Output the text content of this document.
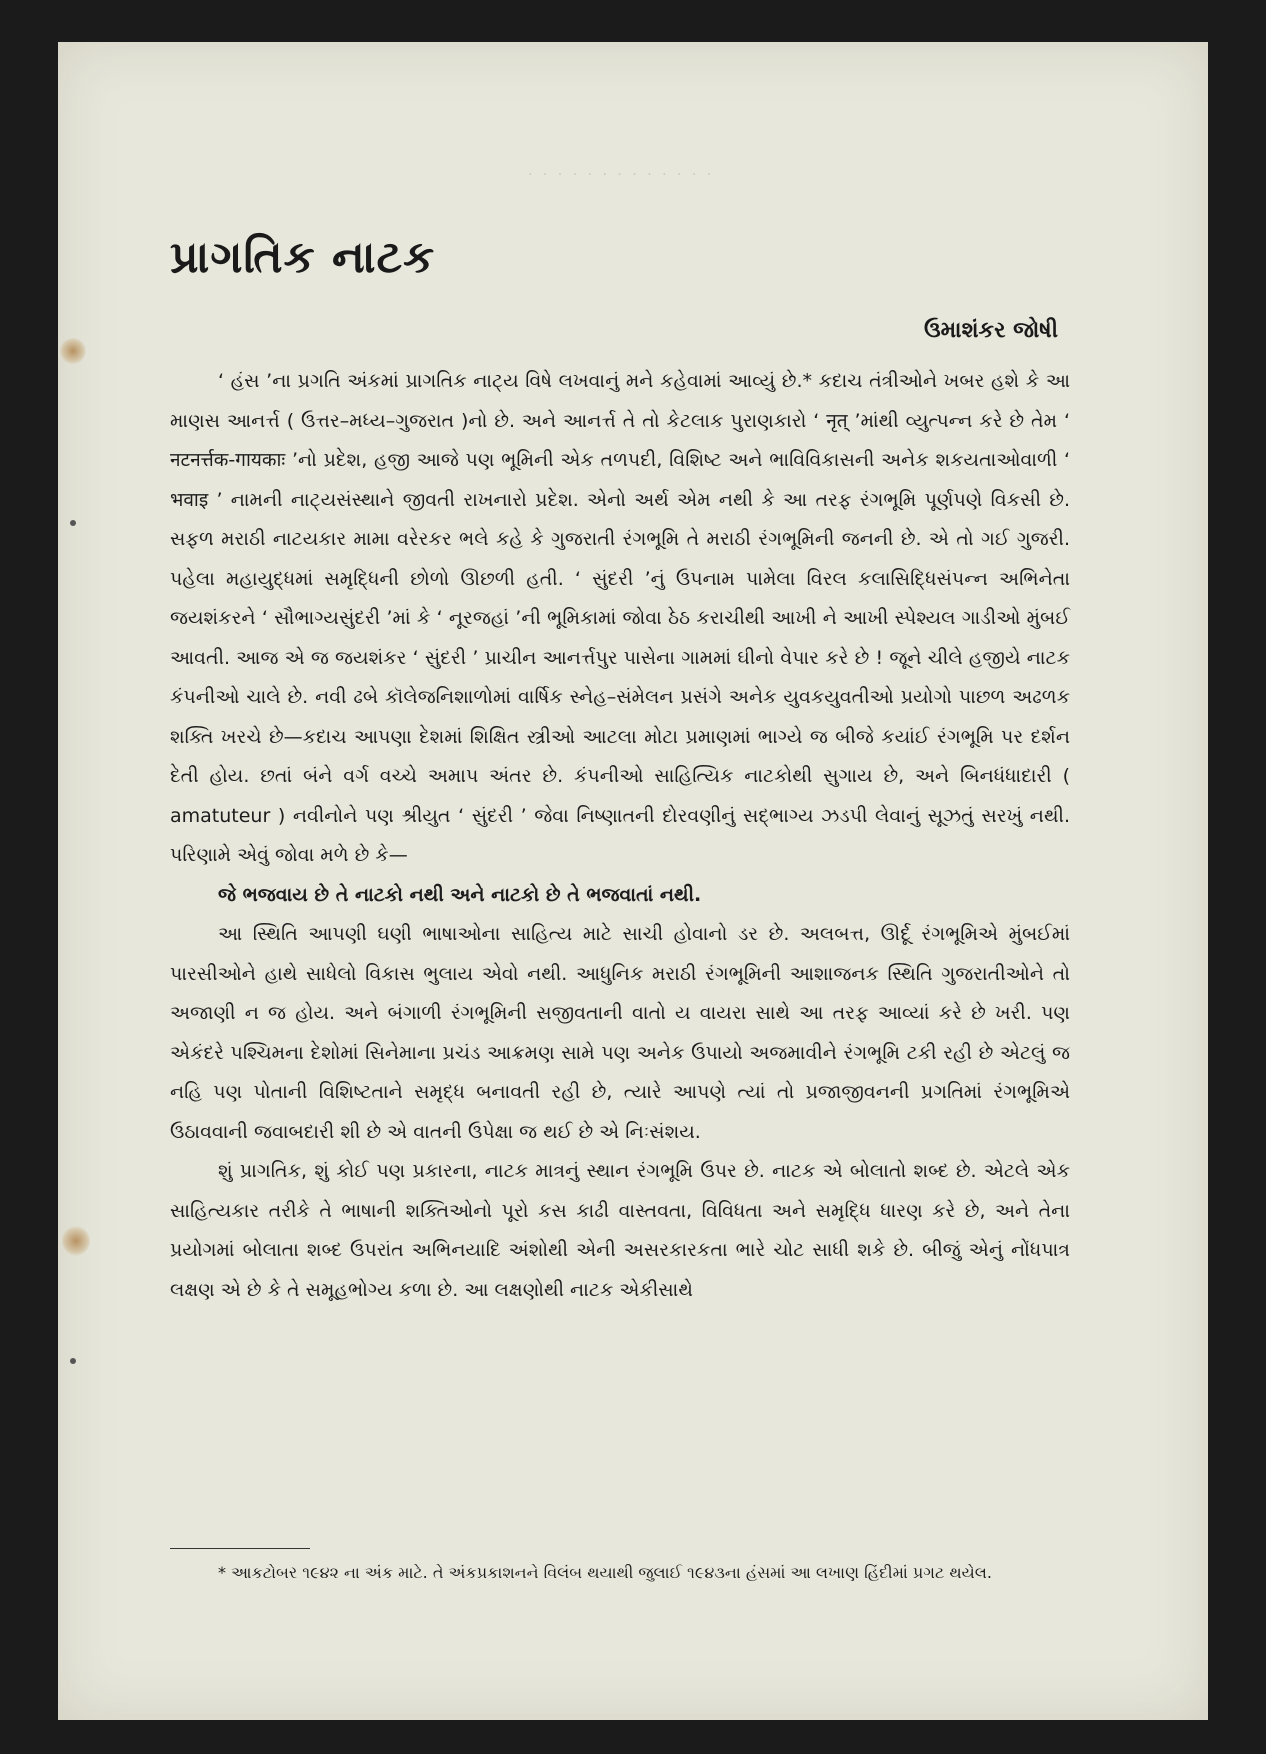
· · · · · · · · · · · · ·
પ્રાગતિક નાટક
ઉમાશંકર જોષી

‘ હંસ ’ના પ્રગતિ અંકમાં પ્રાગતિક નાટ્ય વિષે લખવાનું મને કહેવામાં આવ્યું છે.* કદાચ તંત્રીઓને ખબર હશે કે આ માણસ આનર્ત્ત ( ઉત્તર–મધ્ય–ગુજરાત )નો છે. અને આનર્ત્ત તે તો કેટલાક પુરાણકારો ‘ नृत् ’માંથી વ્યુત્પન્ન કરે છે તેમ ‘ नटनर्त्तक-गायकाः ’નો પ્રદેશ, હજી આજે પણ ભૂમિની એક તળપદી, વિશિષ્ટ અને ભાવિવિકાસની અનેક શકયતાઓવાળી ‘ भवाइ ’ નામની નાટ્યસંસ્થાને જીવતી રાખનારો પ્રદેશ. એનો અર્થ એમ નથી કે આ તરફ રંગભૂમિ પૂર્ણપણે વિકસી છે. સફળ મરાઠી નાટયકાર મામા વરેરકર ભલે કહે કે ગુજરાતી રંગભૂમિ તે મરાઠી રંગભૂમિની જનની છે. એ તો ગઈ ગુજરી. પહેલા મહાયુદ્ધમાં સમૃદ્ધિની છોળો ઊછળી હતી. ‘ સુંદરી ’નું ઉપનામ પામેલા વિરલ કલાસિદ્ધિસંપન્ન અભિનેતા જયશંકરને ‘ સૌભાગ્યસુંદરી ’માં કે ‘ નૂરજહાં ’ની ભૂમિકામાં જોવા ઠેઠ કરાચીથી આખી ને આખી સ્પેશ્યલ ગાડીઓ મુંબઈ આવતી. આજ એ જ જયશંકર ‘ સુંદરી ’ પ્રાચીન આનર્ત્તપુર પાસેના ગામમાં ઘીનો વેપાર કરે છે ! જૂને ચીલે હજીયે નાટક કંપનીઓ ચાલે છે. નવી ઢબે કૉલેજનિશાળોમાં વાર્ષિક સ્નેહ–સંમેલન પ્રસંગે અનેક યુવકયુવતીઓ પ્રયોગો પાછળ અઢળક શક્તિ ખરચે છે—કદાચ આપણા દેશમાં શિક્ષિત સ્ત્રીઓ આટલા મોટા પ્રમાણમાં ભાગ્યે જ બીજે કયાંઈ રંગભૂમિ પર દર્શન દેતી હોય. છતાં બંને વર્ગ વચ્ચે અમાપ અંતર છે. કંપનીઓ સાહિત્યિક નાટકોથી સુગાય છે, અને બિનધંધાદારી ( amatuteur ) નવીનોને પણ શ્રીયુત ‘ સુંદરી ’ જેવા નિષ્ણાતની દોરવણીનું સદ્‌ભાગ્ય ઝડપી લેવાનું સૂઝતું સરખું નથી. પરિણામે એવું જોવા મળે છે કે—

જે ભજવાય છે તે નાટકો નથી અને નાટકો છે તે ભજવાતાં નથી.

આ સ્થિતિ આપણી ઘણી ભાષાઓના સાહિત્ય માટે સાચી હોવાનો ડર છે. અલબત્ત, ઊર્દૂ રંગભૂમિએ મુંબઈમાં પારસીઓને હાથે સાધેલો વિકાસ ભુલાય એવો નથી. આધુનિક મરાઠી રંગભૂમિની આશાજનક સ્થિતિ ગુજરાતીઓને તો અજાણી ન જ હોય. અને બંગાળી રંગભૂમિની સજીવતાની વાતો ય વાયરા સાથે આ તરફ આવ્યાં કરે છે ખરી. પણ એકંદરે પશ્ચિમના દેશોમાં સિનેમાના પ્રચંડ આક્રમણ સામે પણ અનેક ઉપાયો અજમાવીને રંગભૂમિ ટકી રહી છે એટલું જ નહિ પણ પોતાની વિશિષ્ટતાને સમૃદ્ધ બનાવતી રહી છે, ત્યારે આપણે ત્યાં તો પ્રજાજીવનની પ્રગતિમાં રંગભૂમિએ ઉઠાવવાની જવાબદારી શી છે એ વાતની ઉપેક્ષા જ થઈ છે એ નિઃસંશય.

શું પ્રાગતિક, શું કોઈ પણ પ્રકારના, નાટક માત્રનું સ્થાન રંગભૂમિ ઉપર છે. નાટક એ બોલાતો શબ્દ છે. એટલે એક સાહિત્યકાર તરીકે તે ભાષાની શક્તિઓનો પૂરો કસ કાઢી વાસ્તવતા, વિવિધતા અને સમૃદ્ધિ ધારણ કરે છે, અને તેના પ્રયોગમાં બોલાતા શબ્દ ઉપરાંત અભિનયાદિ અંશોથી એની અસરકારકતા ભારે ચોટ સાધી શકે છે. બીજું એનું નોંધપાત્ર લક્ષણ એ છે કે તે સમૂહભોગ્ય કળા છે. આ લક્ષણોથી નાટક એકીસાથે

* આકટોબર ૧૯૪૨ ના અંક માટે. તે અંકપ્રકાશનને વિલંબ થયાથી જુલાઈ ૧૯૪૩ના હંસમાં આ લખાણ હિંદીમાં પ્રગટ થયેલ.
